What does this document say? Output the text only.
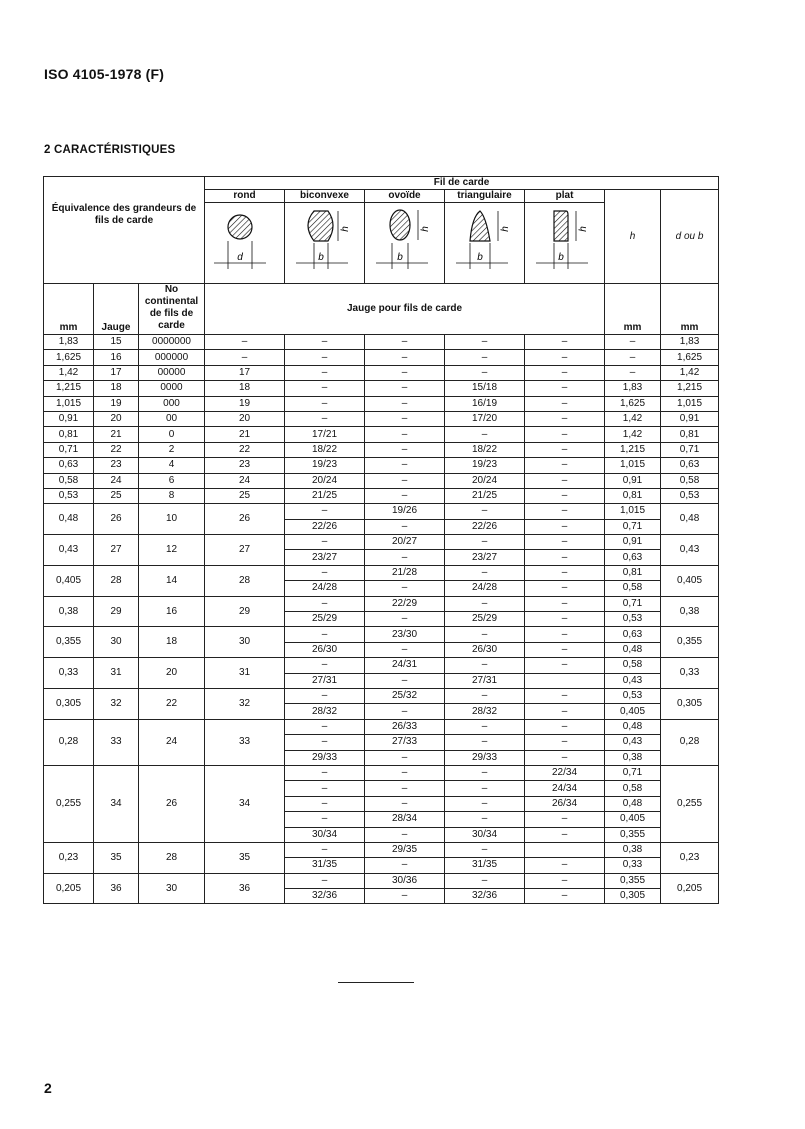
ISO 4105-1978 (F)
2 CARACTÉRISTIQUES
Équivalence des grandeurs de fils de carde			Fil de carde						
			rond	biconvexe	ovoïde	triangulaire	plat	h	d ou b

d	h
b	h
b	h
b	h
b		

mm	Jauge	No continental de fils de carde	Jauge pour fils de carde					mm	mm
1,83	15	0000000	–	–	–	–	–	–	1,83
1,625	16	000000	–	–	–	–	–	–	1,625
1,42	17	00000	17	–	–	–	–	–	1,42
1,215	18	0000	18	–	–	15/18	–	1,83	1,215
1,015	19	000	19	–	–	16/19	–	1,625	1,015
0,91	20	00	20	–	–	17/20	–	1,42	0,91
0,81	21	0	21	17/21	–	–	–	1,42	0,81
0,71	22	2	22	18/22	–	18/22	–	1,215	0,71
0,63	23	4	23	19/23	–	19/23	–	1,015	0,63
0,58	24	6	24	20/24	–	20/24	–	0,91	0,58
0,53	25	8	25	21/25	–	21/25	–	0,81	0,53
0,48	26	10	26	–	19/26	–	–	1,015	0,48
				22/26	–	22/26	–	0,71	
0,43	27	12	27	–	20/27	–	–	0,91	0,43
				23/27	–	23/27	–	0,63	
0,405	28	14	28	–	21/28	–	–	0,81	0,405
				24/28	–	24/28	–	0,58	
0,38	29	16	29	–	22/29	–	–	0,71	0,38
				25/29	–	25/29	–	0,53	
0,355	30	18	30	–	23/30	–	–	0,63	0,355
				26/30	–	26/30	–	0,48	
0,33	31	20	31	–	24/31	–	–	0,58	0,33
				27/31	–	27/31		0,43	
0,305	32	22	32	–	25/32	–	–	0,53	0,305
				28/32	–	28/32	–	0,405	
0,28	33	24	33	–	26/33	–	–	0,48	0,28
				–	27/33	–	–	0,43	
				29/33	–	29/33	–	0,38	
0,255	34	26	34	–	–	–	22/34	0,71	0,255
				–	–	–	24/34	0,58	
				–	–	–	26/34	0,48	
				–	28/34	–	–	0,405	
				30/34	–	30/34	–	0,355	
0,23	35	28	35	–	29/35	–		0,38	0,23
				31/35	–	31/35	–	0,33	
0,205	36	30	36	–	30/36	–	–	0,355	0,205
				32/36	–	32/36	–	0,305	
2
